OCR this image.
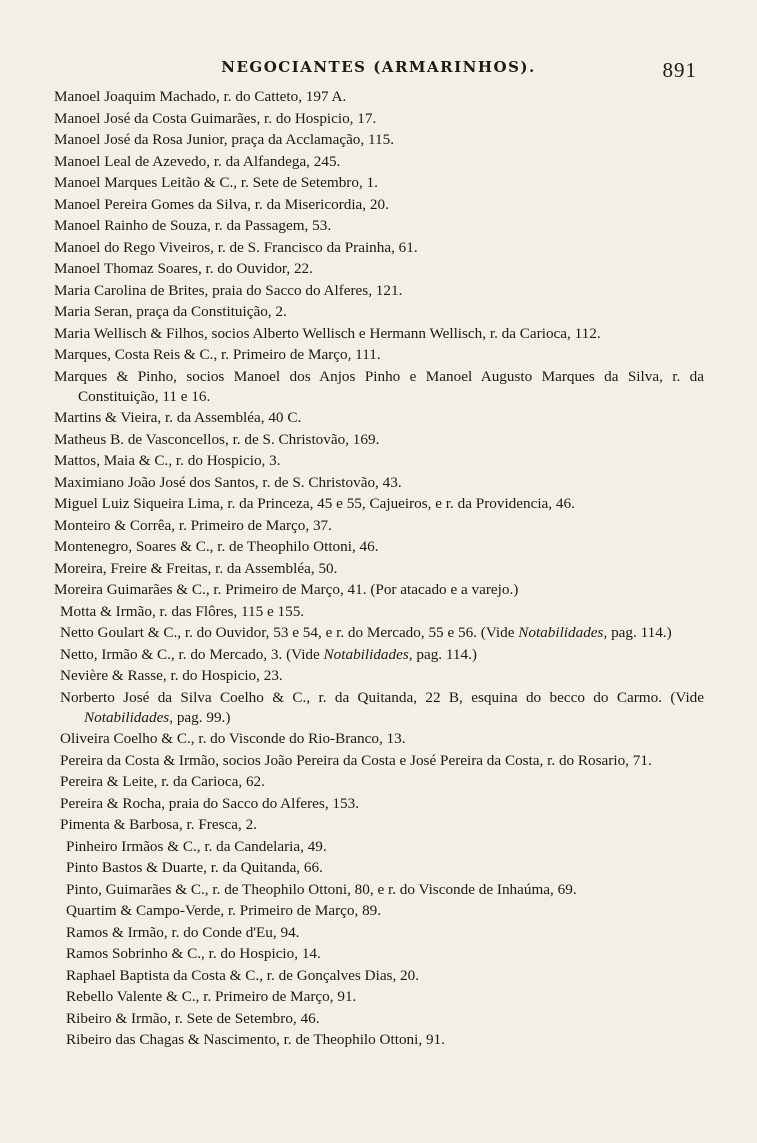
NEGOCIANTES (ARMARINHOS).	891

Manoel Joaquim Machado, r. do Catteto, 197 A.

Manoel José da Costa Guimarães, r. do Hospicio, 17.

Manoel José da Rosa Junior, praça da Acclamação, 115.

Manoel Leal de Azevedo, r. da Alfandega, 245.

Manoel Marques Leitão & C., r. Sete de Setembro, 1.

Manoel Pereira Gomes da Silva, r. da Misericordia, 20.

Manoel Rainho de Souza, r. da Passagem, 53.

Manoel do Rego Viveiros, r. de S. Francisco da Prainha, 61.

Manoel Thomaz Soares, r. do Ouvidor, 22.

Maria Carolina de Brites, praia do Sacco do Alferes, 121.

Maria Seran, praça da Constituição, 2.

Maria Wellisch & Filhos, socios Alberto Wellisch e Hermann Wellisch, r. da Carioca, 112.

Marques, Costa Reis & C., r. Primeiro de Março, 111.

Marques & Pinho, socios Manoel dos Anjos Pinho e Manoel Augusto Marques da Silva, r. da Constituição, 11 e 16.

Martins & Vieira, r. da Assembléa, 40 C.

Matheus B. de Vasconcellos, r. de S. Christovão, 169.

Mattos, Maia & C., r. do Hospicio, 3.

Maximiano João José dos Santos, r. de S. Christovão, 43.

Miguel Luiz Siqueira Lima, r. da Princeza, 45 e 55, Cajueiros, e r. da Providencia, 46.

Monteiro & Corrêa, r. Primeiro de Março, 37.

Montenegro, Soares & C., r. de Theophilo Ottoni, 46.

Moreira, Freire & Freitas, r. da Assembléa, 50.

Moreira Guimarães & C., r. Primeiro de Março, 41. (Por atacado e a varejo.)

Motta & Irmão, r. das Flôres, 115 e 155.

Netto Goulart & C., r. do Ouvidor, 53 e 54, e r. do Mercado, 55 e 56. (Vide Notabilidades, pag. 114.)

Netto, Irmão & C., r. do Mercado, 3. (Vide Notabilidades, pag. 114.)

Nevière & Rasse, r. do Hospicio, 23.

Norberto José da Silva Coelho & C., r. da Quitanda, 22 B, esquina do becco do Carmo. (Vide Notabilidades, pag. 99.)

Oliveira Coelho & C., r. do Visconde do Rio-Branco, 13.

Pereira da Costa & Irmão, socios João Pereira da Costa e José Pereira da Costa, r. do Rosario, 71.

Pereira & Leite, r. da Carioca, 62.

Pereira & Rocha, praia do Sacco do Alferes, 153.

Pimenta & Barbosa, r. Fresca, 2.

Pinheiro Irmãos & C., r. da Candelaria, 49.

Pinto Bastos & Duarte, r. da Quitanda, 66.

Pinto, Guimarães & C., r. de Theophilo Ottoni, 80, e r. do Visconde de Inhaúma, 69.

Quartim & Campo-Verde, r. Primeiro de Março, 89.

Ramos & Irmão, r. do Conde d'Eu, 94.

Ramos Sobrinho & C., r. do Hospicio, 14.

Raphael Baptista da Costa & C., r. de Gonçalves Dias, 20.

Rebello Valente & C., r. Primeiro de Março, 91.

Ribeiro & Irmão, r. Sete de Setembro, 46.

Ribeiro das Chagas & Nascimento, r. de Theophilo Ottoni, 91.
